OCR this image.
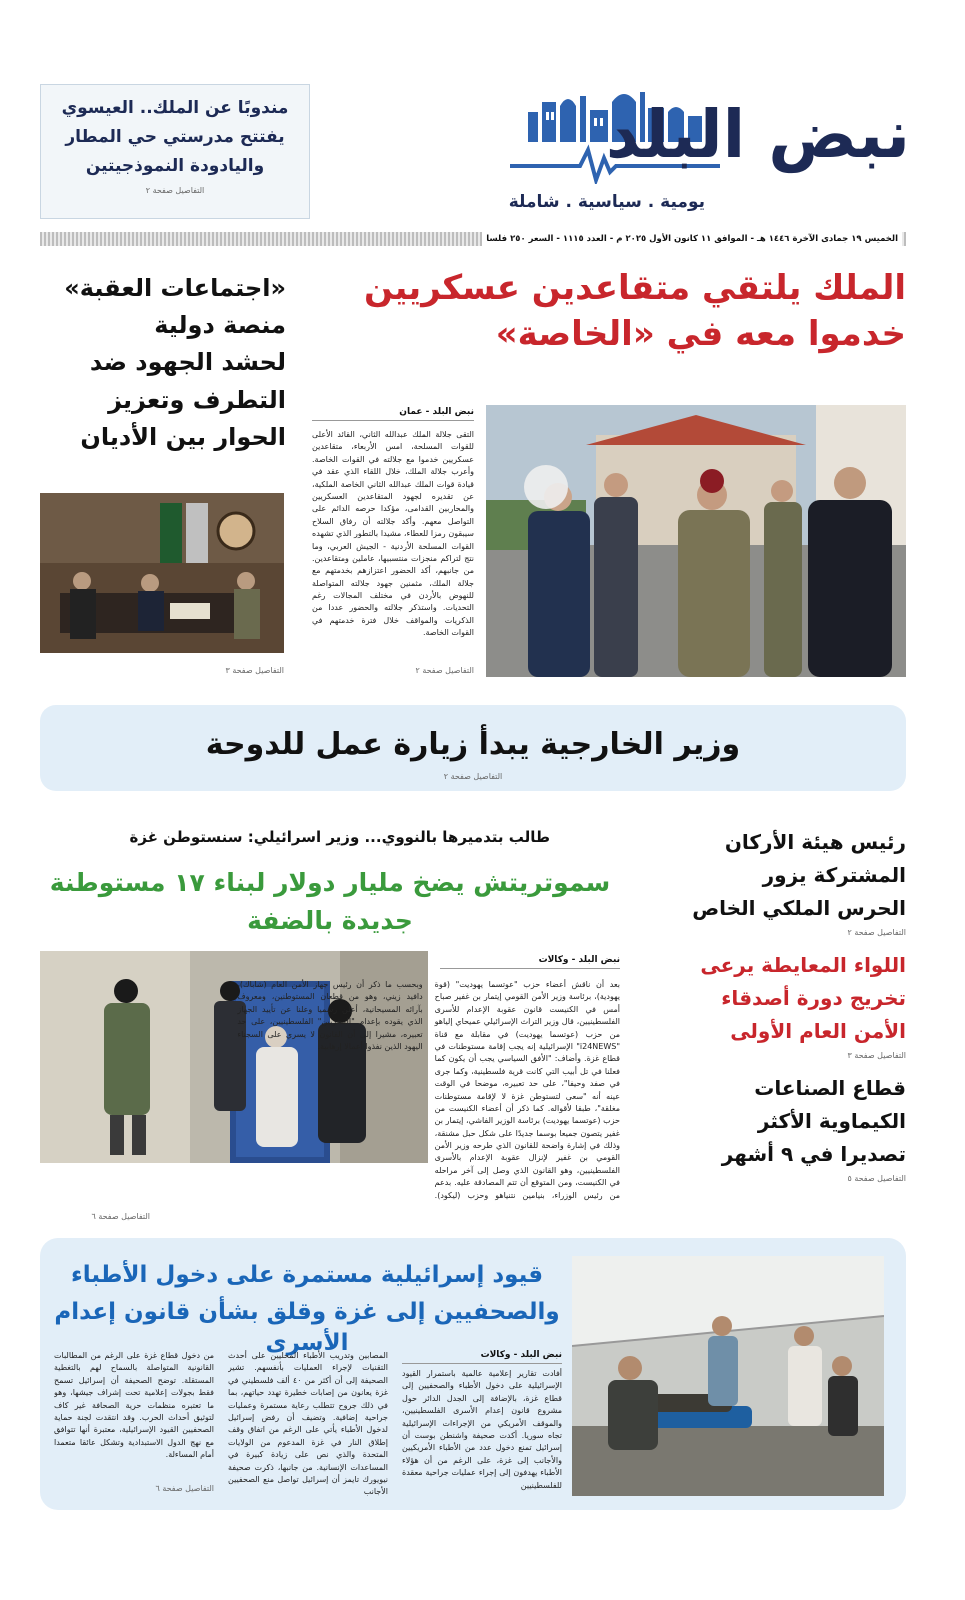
نبض البلد
يومية . سياسية . شاملة
مندوبًا عن الملك.. العيسوي
يفتتح مدرستي حي المطار
واليادودة النموذجيتين
التفاصيل صفحة ٢
الخميس ١٩ جمادى الآخرة ١٤٤٦ هـ - الموافق ١١ كانون الأول ٢٠٢٥ م - العدد ١١١٥ - السعر ٢٥٠ فلسا
الملك يلتقي متقاعدين عسكريين
خدموا معه في «الخاصة»
نبض البلد - عمان
التقى جلالة الملك عبدالله الثاني، القائد الأعلى للقوات المسلحة، امس الأربعاء، متقاعدين عسكريين خدموا مع جلالته في القوات الخاصة. وأعرب جلالة الملك، خلال اللقاء الذي عقد في قيادة قوات الملك عبدالله الثاني الخاصة الملكية، عن تقديره لجهود المتقاعدين العسكريين والمحاربين القدامى، مؤكدا حرصه الدائم على التواصل معهم. وأكد جلالته أن رفاق السلاح سيبقون رمزا للعطاء، مشيدا بالتطور الذي تشهده القوات المسلحة الأردنية - الجيش العربي، وما نتج لتراكم منجزات منتسبيها، عاملين ومتقاعدين. من جانبهم، أكد الحضور اعتزازهم بخدمتهم مع جلالة الملك، مثمنين جهود جلالته المتواصلة للنهوض بالأردن في مختلف المجالات رغم التحديات. واستذكر جلالته والحضور عددا من الذكريات والمواقف خلال فترة خدمتهم في القوات الخاصة.
التفاصيل صفحة ٢
«اجتماعات العقبة»
منصة دولية
لحشد الجهود ضد
التطرف وتعزيز
الحوار بين الأديان
التفاصيل صفحة ٣
وزير الخارجية يبدأ زيارة عمل للدوحة
التفاصيل صفحة ٢
طالب بتدميرها بالنووي... وزير اسرائيلي: سنستوطن غزة
سموتريتش يضخ مليار دولار لبناء ١٧ مستوطنة
جديدة بالضفة
نبض البلد - وكالات
بعد أن ناقش أعضاء حزب "عوتسما يهوديت" (قوة يهودية)، برئاسة وزير الأمن القومي إيتمار بن غفير صباح أمس في الكنيست قانون عقوبة الإعدام للأسرى الفلسطينيين، قال وزير التراث الإسرائيلي عميحاي إلياهو من حزب (عوتسما يهوديت) في مقابلة مع قناة "i24NEWS" الإسرائيلية إنه يجب إقامة مستوطنات في قطاع غزة. وأضاف: "الأفق السياسي يجب أن يكون كما فعلنا في تل أبيب التي كانت قرية فلسطينية، وكما جرى في صفد وحيفا"، على حد تعبيره، موضحا في الوقت عينه أنه "سعى لتستوطن غزة لا لإقامة مستوطنات مغلقة"، طبقا لأقواله. كما ذكر أن أعضاء الكنيست من حزب (عوتسما يهوديت) برئاسة الوزير الفاشي، إيتمار بن غفير يتصون جميعا بوسما جديدًا على شكل حبل مشنقة، وذلك في إشارة واضحة للقانون الذي طرحه وزير الأمن القومي بن غفير لإنزال عقوبة الإعدام بالأسرى الفلسطينيين، وهو القانون الذي وصل إلى آخر مراحله في الكنيست، ومن المتوقع أن تتم المصادقة عليه. بدعم من رئيس الوزراء، بنيامين نتنياهو وحزب (ليكود). وبحسب ما ذكر أن رئيس جهاز الأمن العام (شاباك)، دافيد زيني، وهو من قطعان المستوطنين، ومعروف بآرائه المسيحانية، أعلن رسميا وعلنا عن تأييد الجهاز الذي يقوده بإعدام "المخربين" الفلسطينيين، على حد تعبيره، مشيرا إلى أن القانون لا يسري على السجناء اليهود الذين نفذوا أعمالا إرهابية.
التفاصيل صفحة ٦
رئيس هيئة الأركان
المشتركة يزور
الحرس الملكي الخاص
التفاصيل صفحة ٢
اللواء المعايطة يرعى
تخريج دورة أصدقاء
الأمن العام الأولى
التفاصيل صفحة ٣
قطاع الصناعات
الكيماوية الأكثر
تصديرا في ٩ أشهر
التفاصيل صفحة ٥
قيود إسرائيلية مستمرة على دخول الأطباء
والصحفيين إلى غزة وقلق بشأن قانون إعدام الأسرى	نبض البلد - وكالات
أفادت تقارير إعلامية عالمية باستمرار القيود الإسرائيلية على دخول الأطباء والصحفيين إلى قطاع غزة، بالإضافة إلى الجدل الدائر حول مشروع قانون إعدام الأسرى الفلسطينيين، والموقف الأمريكي من الإجراءات الإسرائيلية تجاه سوريا. أكدت صحيفة واشنطن بوست أن إسرائيل تمنع دخول عدد من الأطباء الأمريكيين والأجانب إلى غزة، على الرغم من أن هؤلاء الأطباء يهدفون إلى إجراء عمليات جراحية معقدة للفلسطينيين
المصابين وتدريب الأطباء المحليين على أحدث التقنيات لإجراء العمليات بأنفسهم. تشير الصحيفة إلى أن أكثر من ٤٠ ألف فلسطيني في غزة يعانون من إصابات خطيرة تهدد حياتهم، بما في ذلك جروح تتطلب رعاية مستمرة وعمليات جراحية إضافية. وتضيف أن رفض إسرائيل لدخول الأطباء يأتي على الرغم من اتفاق وقف إطلاق النار في غزة المدعوم من الولايات المتحدة والذي نص على زيادة كبيرة في المساعدات الإنسانية. من جانبها، ذكرت صحيفة نيويورك تايمز أن إسرائيل تواصل منع الصحفيين الأجانب
من دخول قطاع غزة على الرغم من المطالبات القانونية المتواصلة بالسماح لهم بالتغطية المستقلة. توضح الصحيفة أن إسرائيل تسمح فقط بجولات إعلامية تحت إشراف جيشها، وهو ما تعتبره منظمات حرية الصحافة غير كاف لتوثيق أحداث الحرب. وقد انتقدت لجنة حماية الصحفيين القيود الإسرائيلية، معتبرة أنها تتوافق مع نهج الدول الاستبدادية وتشكل عائقا متعمدا أمام المساءلة.
التفاصيل صفحة ٦
